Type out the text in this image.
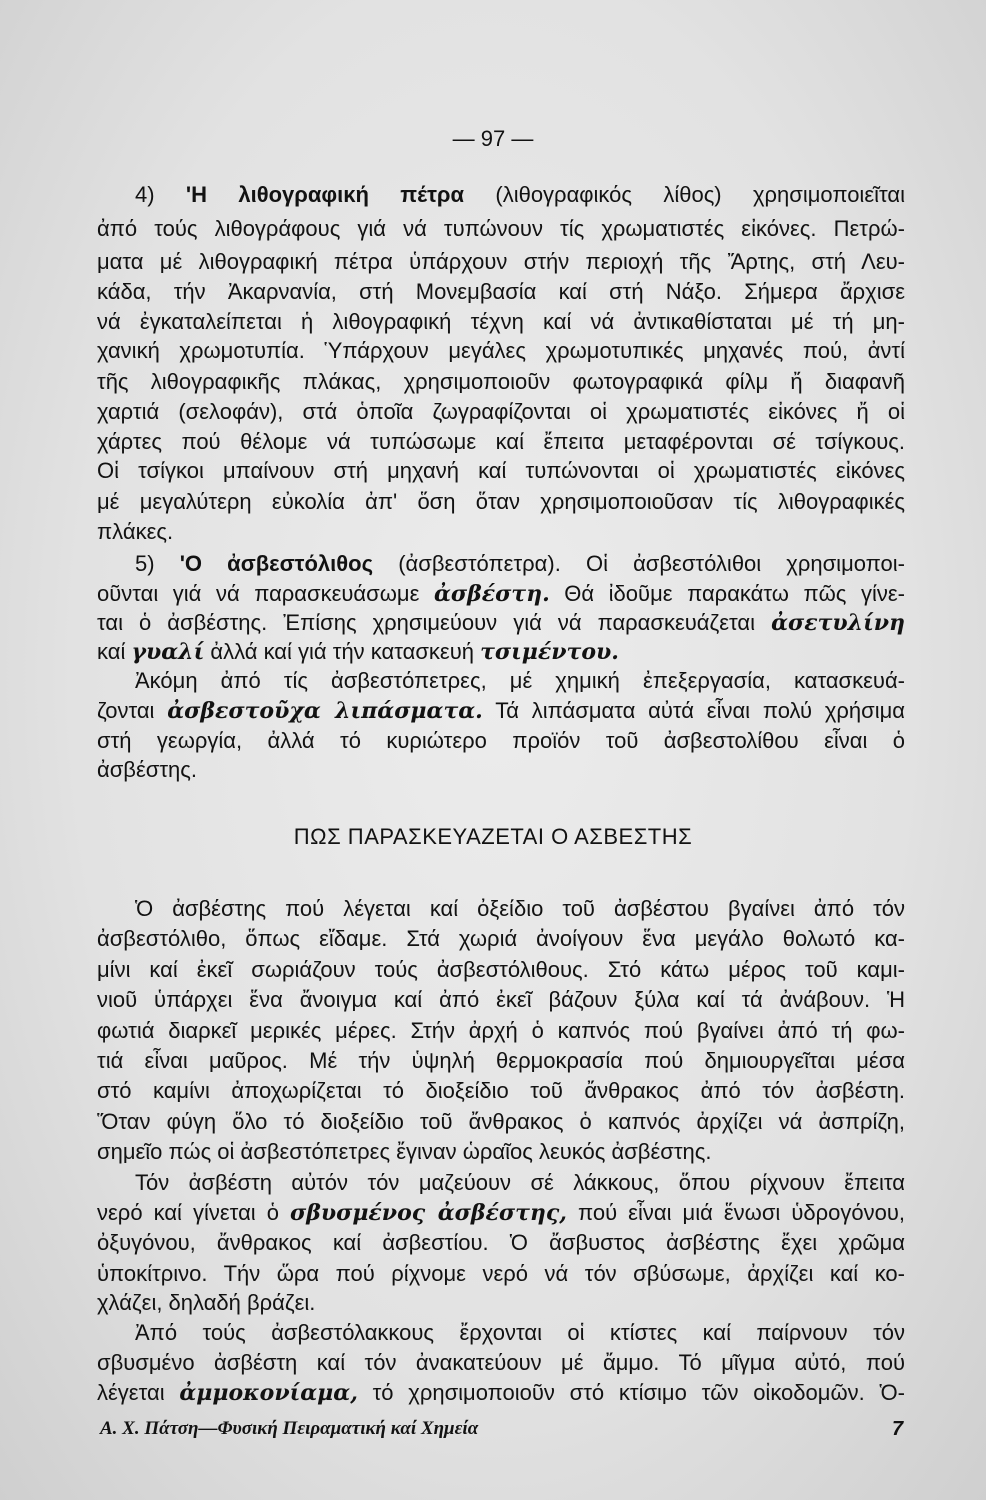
— 97 —
4) 'Η λιθογραφική πέτρα (λιθογραφικός λίθος) χρησιμοποιεῖται
ἀπό τούς λιθογράφους γιά νά τυπώνουν τίς χρωματιστές εἰκόνες. Πετρώ-
ματα μέ λιθογραφική πέτρα ὑπάρχουν στήν περιοχή τῆς Ἄρτης, στή Λευ-
κάδα, τήν Ἀκαρνανία, στή Μονεμβασία καί στή Νάξο. Σήμερα ἄρχισε
νά ἐγκαταλείπεται ἡ λιθογραφική τέχνη καί νά ἀντικαθίσταται μέ τή μη-
χανική χρωμοτυπία. Ὑπάρχουν μεγάλες χρωμοτυπικές μηχανές πού, ἀντί
τῆς λιθογραφικῆς πλάκας, χρησιμοποιοῦν φωτογραφικά φίλμ ἤ διαφανῆ
χαρτιά (σελοφάν), στά ὁποῖα ζωγραφίζονται οἱ χρωματιστές εἰκόνες ἤ οἱ
χάρτες πού θέλομε νά τυπώσωμε καί ἔπειτα μεταφέρονται σέ τσίγκους.
Οἱ τσίγκοι μπαίνουν στή μηχανή καί τυπώνονται οἱ χρωματιστές εἰκόνες
μέ μεγαλύτερη εὐκολία ἀπ' ὅση ὅταν χρησιμοποιοῦσαν τίς λιθογραφικές
πλάκες.
5) 'Ο ἀσβεστόλιθος (ἀσβεστόπετρα). Οἱ ἀσβεστόλιθοι χρησιμοποι-
οῦνται γιά νά παρασκευάσωμε ἀσβέστη. Θά ἰδοῦμε παρακάτω πῶς γίνε-
ται ὁ ἀσβέστης. Ἐπίσης χρησιμεύουν γιά νά παρασκευάζεται ἀσετυλίνη
καί γυαλί ἀλλά καί γιά τήν κατασκευή τσιμέντου.
Ἀκόμη ἀπό τίς ἀσβεστόπετρες, μέ χημική ἐπεξεργασία, κατασκευά-
ζονται ἀσβεστοῦχα λιπάσματα. Τά λιπάσματα αὐτά εἶναι πολύ χρήσιμα
στή γεωργία, ἀλλά τό κυριώτερο προϊόν τοῦ ἀσβεστολίθου εἶναι ὁ
ἀσβέστης.
Ὁ ἀσβέστης πού λέγεται καί ὀξείδιο τοῦ ἀσβέστου βγαίνει ἀπό τόν
ἀσβεστόλιθο, ὅπως εἴδαμε. Στά χωριά ἀνοίγουν ἕνα μεγάλο θολωτό κα-
μίνι καί ἐκεῖ σωριάζουν τούς ἀσβεστόλιθους. Στό κάτω μέρος τοῦ καμι-
νιοῦ ὑπάρχει ἕνα ἄνοιγμα καί ἀπό ἐκεῖ βάζουν ξύλα καί τά ἀνάβουν. Ἡ
φωτιά διαρκεῖ μερικές μέρες. Στήν ἀρχή ὁ καπνός πού βγαίνει ἀπό τή φω-
τιά εἶναι μαῦρος. Μέ τήν ὑψηλή θερμοκρασία πού δημιουργεῖται μέσα
στό καμίνι ἀποχωρίζεται τό διοξείδιο τοῦ ἄνθρακος ἀπό τόν ἀσβέστη.
Ὅταν φύγη ὅλο τό διοξείδιο τοῦ ἄνθρακος ὁ καπνός ἀρχίζει νά ἀσπρίζη,
σημεῖο πώς οἱ ἀσβεστόπετρες ἔγιναν ὡραῖος λευκός ἀσβέστης.
Τόν ἀσβέστη αὐτόν τόν μαζεύουν σέ λάκκους, ὅπου ρίχνουν ἔπειτα
νερό καί γίνεται ὁ σβυσμένος ἀσβέστης, πού εἶναι μιά ἕνωσι ὑδρογόνου,
ὀξυγόνου, ἄνθρακος καί ἀσβεστίου. Ὁ ἄσβυστος ἀσβέστης ἔχει χρῶμα
ὑποκίτρινο. Τήν ὥρα πού ρίχνομε νερό νά τόν σβύσωμε, ἀρχίζει καί κο-
χλάζει, δηλαδή βράζει.
Ἀπό τούς ἀσβεστόλακκους ἔρχονται οἱ κτίστες καί παίρνουν τόν
σβυσμένο ἀσβέστη καί τόν ἀνακατεύουν μέ ἄμμο. Τό μῖγμα αὐτό, πού
λέγεται ἀμμοκονίαμα, τό χρησιμοποιοῦν στό κτίσιμο τῶν οἰκοδομῶν. Ὁ-
ΠΩΣ ΠΑΡΑΣΚΕΥΑΖΕΤΑΙ Ο ΑΣΒΕΣΤΗΣ
Α. Χ. Πάτση—Φυσική Πειραματική καί Χημεία	7
